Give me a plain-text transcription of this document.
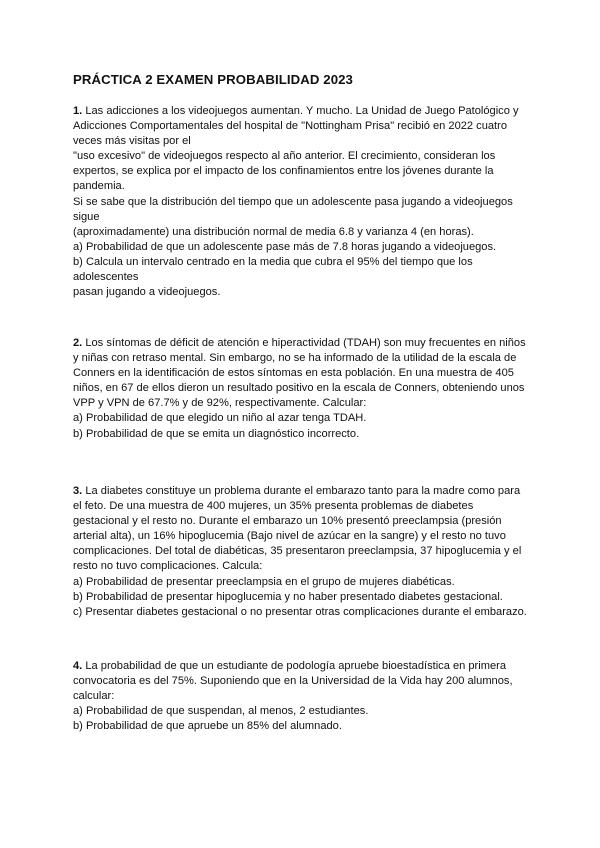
PRÁCTICA 2 EXAMEN PROBABILIDAD 2023
1. Las adicciones a los videojuegos aumentan. Y mucho. La Unidad de Juego Patológico y
Adicciones Comportamentales del hospital de "Nottingham Prisa" recibió en 2022 cuatro
veces más visitas por el
"uso excesivo" de videojuegos respecto al año anterior. El crecimiento, consideran los
expertos, se explica por el impacto de los confinamientos entre los jóvenes durante la
pandemia.
Si se sabe que la distribución del tiempo que un adolescente pasa jugando a videojuegos
sigue
(aproximadamente) una distribución normal de media 6.8 y varianza 4 (en horas).
a) Probabilidad de que un adolescente pase más de 7.8 horas jugando a videojuegos.
b) Calcula un intervalo centrado en la media que cubra el 95% del tiempo que los
adolescentes
pasan jugando a videojuegos.
2. Los síntomas de déficit de atención e hiperactividad (TDAH) son muy frecuentes en niños
y niñas con retraso mental. Sin embargo, no se ha informado de la utilidad de la escala de
Conners en la identificación de estos síntomas en esta población. En una muestra de 405
niños, en 67 de ellos dieron un resultado positivo en la escala de Conners, obteniendo unos
VPP y VPN de 67.7% y de 92%, respectivamente. Calcular:
a) Probabilidad de que elegido un niño al azar tenga TDAH.
b) Probabilidad de que se emita un diagnóstico incorrecto.
3. La diabetes constituye un problema durante el embarazo tanto para la madre como para
el feto. De una muestra de 400 mujeres, un 35% presenta problemas de diabetes
gestacional y el resto no. Durante el embarazo un 10% presentó preeclampsia (presión
arterial alta), un 16% hipoglucemia (Bajo nivel de azúcar en la sangre) y el resto no tuvo
complicaciones. Del total de diabéticas, 35 presentaron preeclampsia, 37 hipoglucemia y el
resto no tuvo complicaciones. Calcula:
a) Probabilidad de presentar preeclampsia en el grupo de mujeres diabéticas.
b) Probabilidad de presentar hipoglucemia y no haber presentado diabetes gestacional.
c) Presentar diabetes gestacional o no presentar otras complicaciones durante el embarazo.
4. La probabilidad de que un estudiante de podología apruebe bioestadística en primera
convocatoria es del 75%. Suponiendo que en la Universidad de la Vida hay 200 alumnos,
calcular:
a) Probabilidad de que suspendan, al menos, 2 estudiantes.
b) Probabilidad de que apruebe un 85% del alumnado.
